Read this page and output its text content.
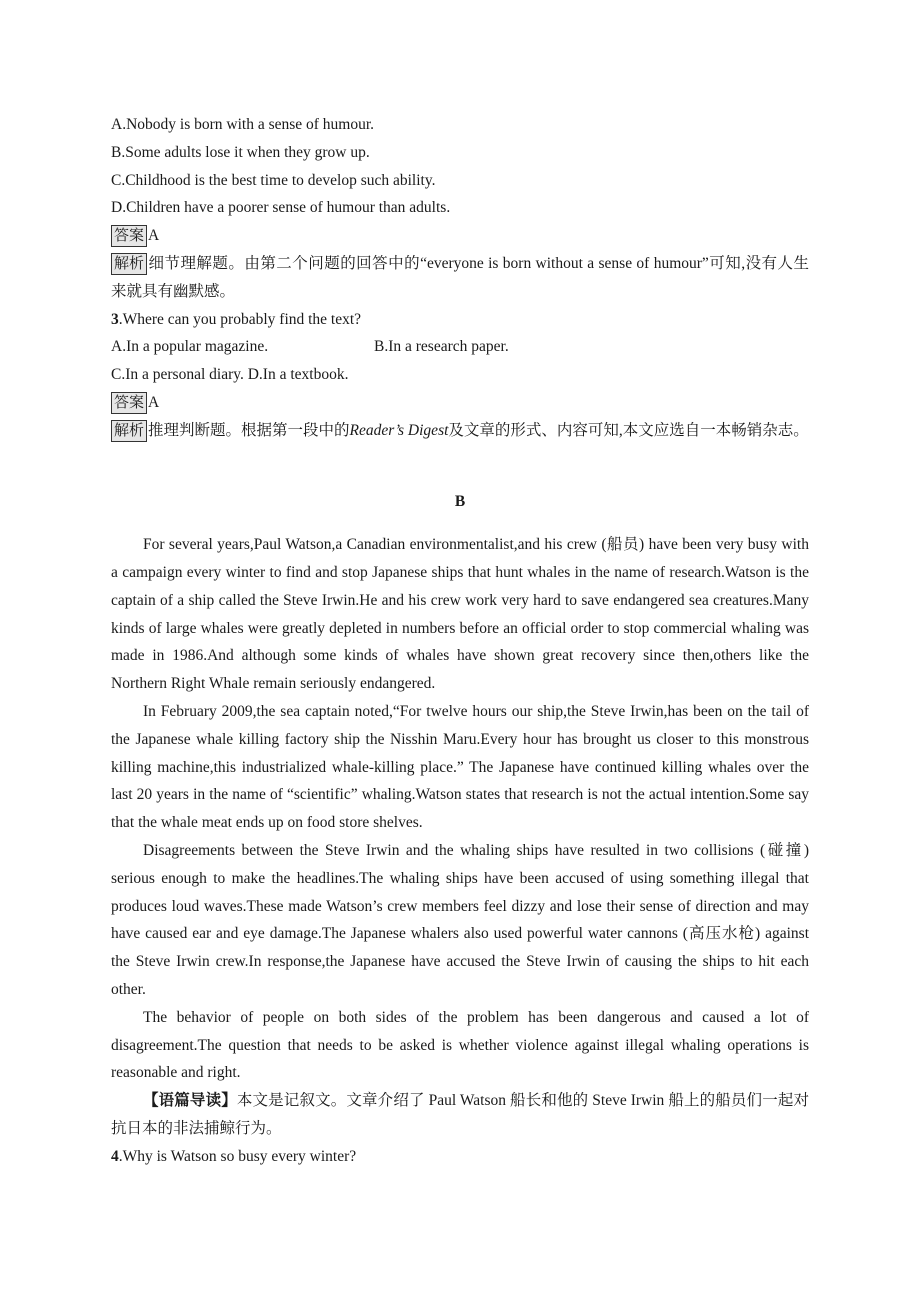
A.Nobody is born with a sense of humour.

B.Some adults lose it when they grow up.

C.Childhood is the best time to develop such ability.

D.Children have a poorer sense of humour than adults.

答案 A

解析 细节理解题。由第二个问题的回答中的“everyone is born without a sense of humour”可知,没有人生来就具有幽默感。

3.Where can you probably find the text?

A.In a popular magazine.	B.In a research paper.

C.In a personal diary. D.In a textbook.

答案 A

解析 推理判断题。根据第一段中的Reader’s Digest及文章的形式、内容可知,本文应选自一本畅销杂志。

B

For several years,Paul Watson,a Canadian environmentalist,and his crew (船员) have been very busy with a campaign every winter to find and stop Japanese ships that hunt whales in the name of research.Watson is the captain of a ship called the Steve Irwin.He and his crew work very hard to save endangered sea creatures.Many kinds of large whales were greatly depleted in numbers before an official order to stop commercial whaling was made in 1986.And although some kinds of whales have shown great recovery since then,others like the Northern Right Whale remain seriously endangered.

In February 2009,the sea captain noted,“For twelve hours our ship,the Steve Irwin,has been on the tail of the Japanese whale killing factory ship the Nisshin Maru.Every hour has brought us closer to this monstrous killing machine,this industrialized whale-killing place.” The Japanese have continued killing whales over the last 20 years in the name of “scientific” whaling.Watson states that research is not the actual intention.Some say that the whale meat ends up on food store shelves.

Disagreements between the Steve Irwin and the whaling ships have resulted in two collisions (碰撞) serious enough to make the headlines.The whaling ships have been accused of using something illegal that produces loud waves.These made Watson’s crew members feel dizzy and lose their sense of direction and may have caused ear and eye damage.The Japanese whalers also used powerful water cannons (高压水枪) against the Steve Irwin crew.In response,the Japanese have accused the Steve Irwin of causing the ships to hit each other.

The behavior of people on both sides of the problem has been dangerous and caused a lot of disagreement.The question that needs to be asked is whether violence against illegal whaling operations is reasonable and right.

【语篇导读】本文是记叙文。文章介绍了 Paul Watson 船长和他的 Steve Irwin 船上的船员们一起对抗日本的非法捕鲸行为。

4.Why is Watson so busy every winter?
